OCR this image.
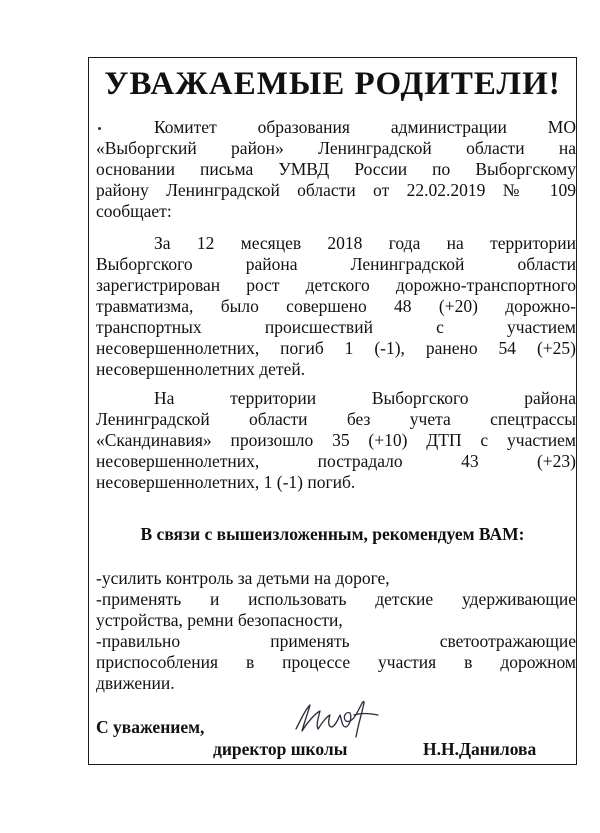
УВАЖАЕМЫЕ РОДИТЕЛИ!
Комитет образования администрации МО
«Выборгский район» Ленинградской области на
основании письма УМВД России по Выборгскому
району Ленинградской области от 22.02.2019 № 109
сообщает:
За 12 месяцев 2018 года на территории
Выборгского района Ленинградской области
зарегистрирован рост детского дорожно-транспортного
травматизма, было совершено 48 (+20) дорожно-
транспортных происшествий с участием
несовершеннолетних, погиб 1 (-1), ранено 54 (+25)
несовершеннолетних детей.
На территории Выборгского района
Ленинградской области без учета спецтрассы
«Скандинавия» произошло 35 (+10) ДТП с участием
несовершеннолетних, пострадало 43 (+23)
несовершеннолетних, 1 (-1) погиб.
В связи с вышеизложенным, рекомендуем ВАМ:
-усилить контроль за детьми на дороге,
-применять и использовать детские удерживающие
устройства, ремни безопасности,
-правильно применять светоотражающие
приспособления в процессе участия в дорожном
движении.
С уважением,
директор школы	Н.Н.Данилова
